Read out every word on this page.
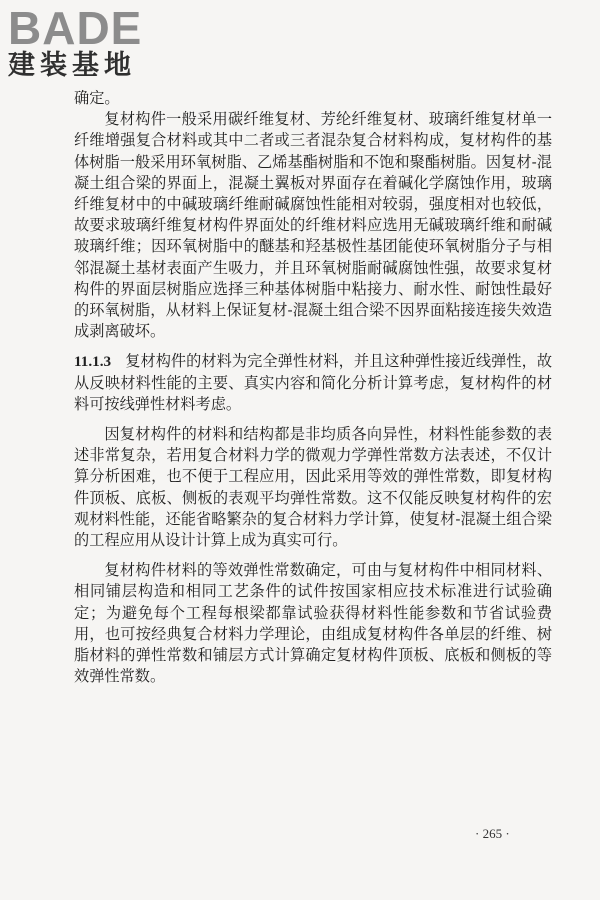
BADE
建装基地

确定。

复材构件一般采用碳纤维复材、芳纶纤维复材、玻璃纤维复材单一纤维增强复合材料或其中二者或三者混杂复合材料构成，复材构件的基体树脂一般采用环氧树脂、乙烯基酯树脂和不饱和聚酯树脂。因复材-混凝土组合梁的界面上，混凝土翼板对界面存在着碱化学腐蚀作用，玻璃纤维复材中的中碱玻璃纤维耐碱腐蚀性能相对较弱，强度相对也较低，故要求玻璃纤维复材构件界面处的纤维材料应选用无碱玻璃纤维和耐碱玻璃纤维；因环氧树脂中的醚基和羟基极性基团能使环氧树脂分子与相邻混凝土基材表面产生吸力，并且环氧树脂耐碱腐蚀性强，故要求复材构件的界面层树脂应选择三种基体树脂中粘接力、耐水性、耐蚀性最好的环氧树脂，从材料上保证复材-混凝土组合梁不因界面粘接连接失效造成剥离破坏。

11.1.3 复材构件的材料为完全弹性材料，并且这种弹性接近线弹性，故从反映材料性能的主要、真实内容和简化分析计算考虑，复材构件的材料可按线弹性材料考虑。

因复材构件的材料和结构都是非均质各向异性，材料性能参数的表述非常复杂，若用复合材料力学的微观力学弹性常数方法表述，不仅计算分析困难，也不便于工程应用，因此采用等效的弹性常数，即复材构件顶板、底板、侧板的表观平均弹性常数。这不仅能反映复材构件的宏观材料性能，还能省略繁杂的复合材料力学计算，使复材-混凝土组合梁的工程应用从设计计算上成为真实可行。

复材构件材料的等效弹性常数确定，可由与复材构件中相同材料、相同铺层构造和相同工艺条件的试件按国家相应技术标准进行试验确定；为避免每个工程每根梁都靠试验获得材料性能参数和节省试验费用，也可按经典复合材料力学理论，由组成复材构件各单层的纤维、树脂材料的弹性常数和铺层方式计算确定复材构件顶板、底板和侧板的等效弹性常数。

· 265 ·
